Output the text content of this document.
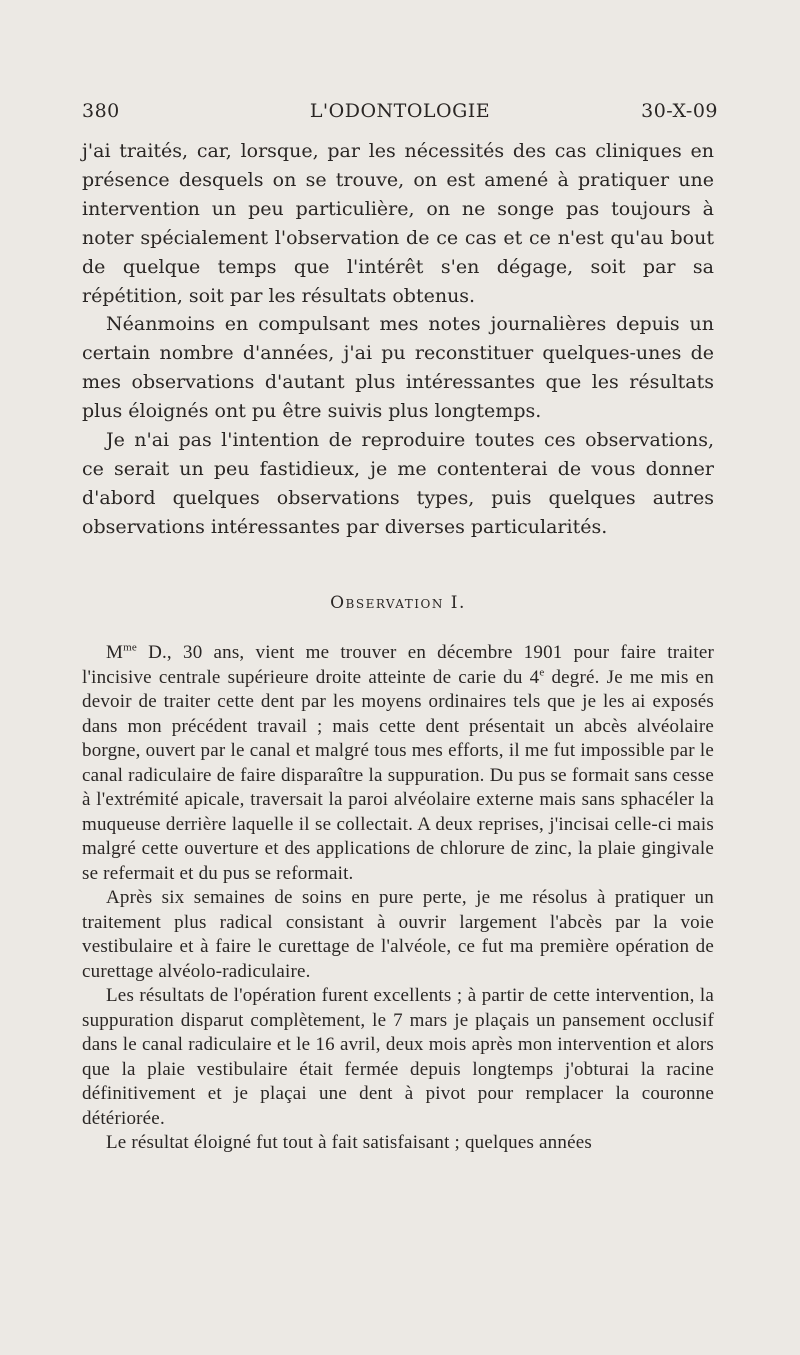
380	L'ODONTOLOGIE	30-X-09

j'ai traités, car, lorsque, par les nécessités des cas cliniques en présence desquels on se trouve, on est amené à pratiquer une intervention un peu particulière, on ne songe pas toujours à noter spécialement l'observation de ce cas et ce n'est qu'au bout de quelque temps que l'intérêt s'en dégage, soit par sa répétition, soit par les résultats obtenus.

Néanmoins en compulsant mes notes journalières depuis un certain nombre d'années, j'ai pu reconstituer quelques-unes de mes observations d'autant plus intéressantes que les résultats plus éloignés ont pu être suivis plus longtemps.

Je n'ai pas l'intention de reproduire toutes ces observations, ce serait un peu fastidieux, je me contenterai de vous donner d'abord quelques observations types, puis quelques autres observations intéressantes par diverses particularités.

Observation I.

$M^{me}$ D., 30 ans, vient me trouver en décembre 1901 pour faire traiter l'incisive centrale supérieure droite atteinte de carie du 4e degré. Je me mis en devoir de traiter cette dent par les moyens ordinaires tels que je les ai exposés dans mon précédent travail ; mais cette dent présentait un abcès alvéolaire borgne, ouvert par le canal et malgré tous mes efforts, il me fut impossible par le canal radiculaire de faire disparaître la suppuration. Du pus se formait sans cesse à l'extrémité apicale, traversait la paroi alvéolaire externe mais sans sphacéler la muqueuse derrière laquelle il se collectait. A deux reprises, j'incisai celle-ci mais malgré cette ouverture et des applications de chlorure de zinc, la plaie gingivale se refermait et du pus se reformait.

Après six semaines de soins en pure perte, je me résolus à pratiquer un traitement plus radical consistant à ouvrir largement l'abcès par la voie vestibulaire et à faire le curettage de l'alvéole, ce fut ma première opération de curettage alvéolo-radiculaire.

Les résultats de l'opération furent excellents ; à partir de cette intervention, la suppuration disparut complètement, le 7 mars je plaçais un pansement occlusif dans le canal radiculaire et le 16 avril, deux mois après mon intervention et alors que la plaie vestibulaire était fermée depuis longtemps j'obturai la racine définitivement et je plaçai une dent à pivot pour remplacer la couronne détériorée.

Le résultat éloigné fut tout à fait satisfaisant ; quelques années
